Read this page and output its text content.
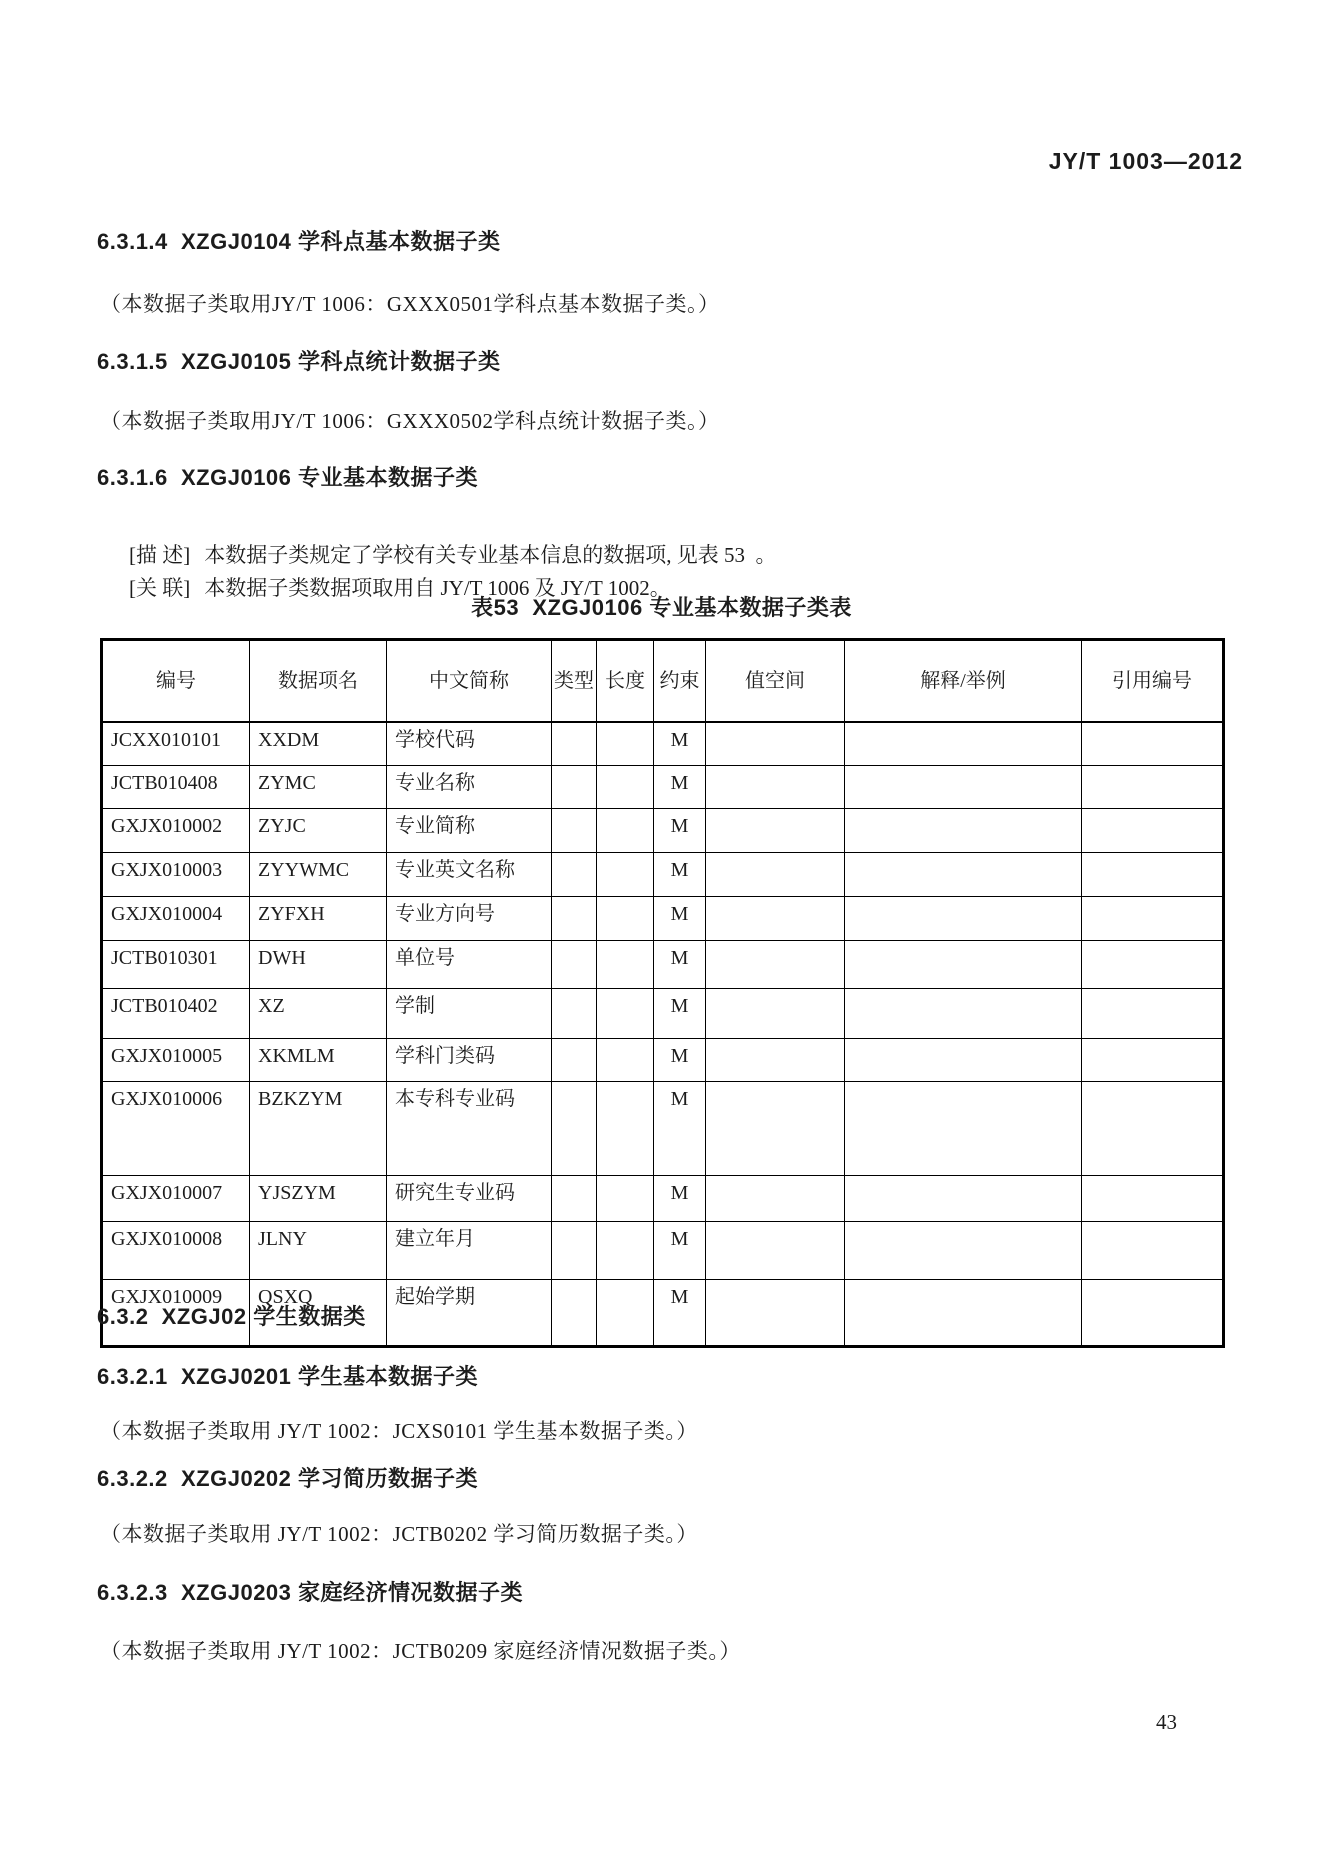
JY/T 1003—2012
6.3.1.4  XZGJ0104 学科点基本数据子类
（本数据子类取用JY/T 1006：GXXX0501学科点基本数据子类。）
6.3.1.5  XZGJ0105 学科点统计数据子类
（本数据子类取用JY/T 1006：GXXX0502学科点统计数据子类。）
6.3.1.6  XZGJ0106 专业基本数据子类

[描 述] 本数据子类规定了学校有关专业基本信息的数据项, 见表 53  。

[关 联] 本数据子类数据项取用自 JY/T 1006 及 JY/T 1002。

表53  XZGJ0106 专业基本数据子类表
编号	数据项名	中文简称	类型	长度	约束	值空间	解释/举例	引用编号
JCXX010101	XXDM	学校代码			M			
JCTB010408	ZYMC	专业名称			M			
GXJX010002	ZYJC	专业简称			M			
GXJX010003	ZYYWMC	专业英文名称			M			
GXJX010004	ZYFXH	专业方向号			M			
JCTB010301	DWH	单位号			M			
JCTB010402	XZ	学制			M			
GXJX010005	XKMLM	学科门类码			M			
GXJX010006	BZKZYM	本专科专业码			M			
GXJX010007	YJSZYM	研究生专业码			M			
GXJX010008	JLNY	建立年月			M			
GXJX010009	QSXQ	起始学期			M			
6.3.2  XZGJ02 学生数据类
6.3.2.1  XZGJ0201 学生基本数据子类
（本数据子类取用 JY/T 1002：JCXS0101 学生基本数据子类。）
6.3.2.2  XZGJ0202 学习简历数据子类
（本数据子类取用 JY/T 1002：JCTB0202 学习简历数据子类。）
6.3.2.3  XZGJ0203 家庭经济情况数据子类
（本数据子类取用 JY/T 1002：JCTB0209 家庭经济情况数据子类。）
43
